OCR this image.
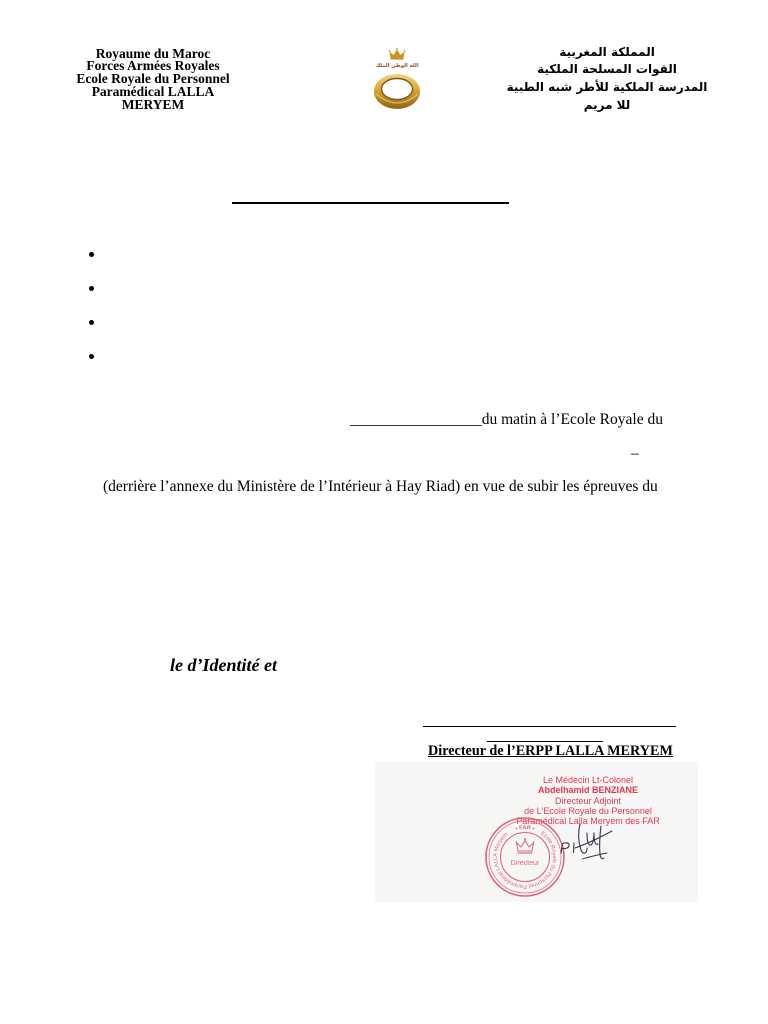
Royaume du Maroc
Forces Armées Royales
Ecole Royale du Personnel
Paramédical LALLA
MERYEM
الله الوطن الملك
المملكة المغربية
القوات المسلحة الملكية
المدرسة الملكية للأطر شبه الطبية
للا مريم
_________________du matin à l’Ecole Royale du
–
(derrière l’annexe du Ministère de l’Intérieur à Hay Riad) en vue de subir les épreuves du
le d’Identité et
Directeur de l’ERPP LALLA MERYEM
Le Médecin Lt-Colonel
Abdelhamid BENZIANE
Directeur Adjoint
de L'Ecole Royale du Personnel
Paramédical Lalla Meryem des FAR
Ecole Royale du Personnel Paramédical LALLA Meryem
• FAR •
Directeur
